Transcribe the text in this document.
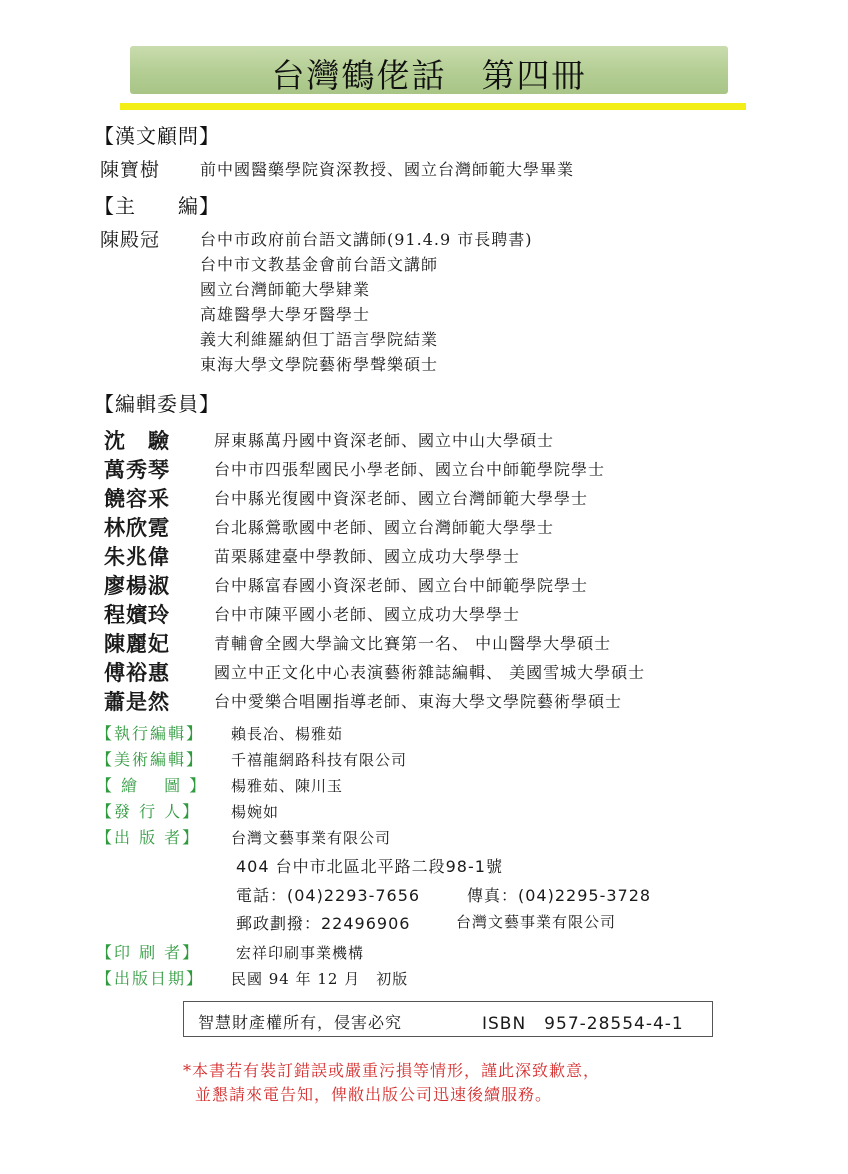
台灣鶴佬話　第四冊
【漢文顧問】
陳寶樹 前中國醫藥學院資深教授、國立台灣師範大學畢業
【主　　編】
陳殿冠 台中市政府前台語文講師(91.4.9 市長聘書)
台中市文教基金會前台語文講師
國立台灣師範大學肄業
高雄醫學大學牙醫學士
義大利維羅納但丁語言學院結業
東海大學文學院藝術學聲樂碩士
【編輯委員】
沈　驗	屏東縣萬丹國中資深老師、國立中山大學碩士
萬秀琴	台中市四張犁國民小學老師、國立台中師範學院學士
饒容釆	台中縣光復國中資深老師、國立台灣師範大學學士
林欣霓	台北縣鶯歌國中老師、國立台灣師範大學學士
朱兆偉	苗栗縣建臺中學教師、國立成功大學學士
廖楊淑	台中縣富春國小資深老師、國立台中師範學院學士
程嬪玲	台中市陳平國小老師、國立成功大學學士
陳麗妃	青輔會全國大學論文比賽第一名、 中山醫學大學碩士
傅裕惠	國立中正文化中心表演藝術雜誌編輯、 美國雪城大學碩士
蕭是然	台中愛樂合唱團指導老師、東海大學文學院藝術學碩士
【執行編輯】 賴長冶、楊雅茹
【美術編輯】 千禧龍網路科技有限公司
【 繪　 圖 】 楊雅茹、陳川玉
【發 行 人】 楊婉如
【出 版 者】 台灣文藝事業有限公司
404 台中市北區北平路二段98-1號
電話：(04)2293-7656	傳真：(04)2295-3728
郵政劃撥：22496906	台灣文藝事業有限公司
【印 刷 者】 宏祥印刷事業機構
【出版日期】 民國 94 年 12 月　初版
智慧財產權所有，侵害必究	ISBN　957-28554-4-1
*本書若有裝訂錯誤或嚴重污損等情形，謹此深致歉意，
並懇請來電告知，俾敝出版公司迅速後續服務。
